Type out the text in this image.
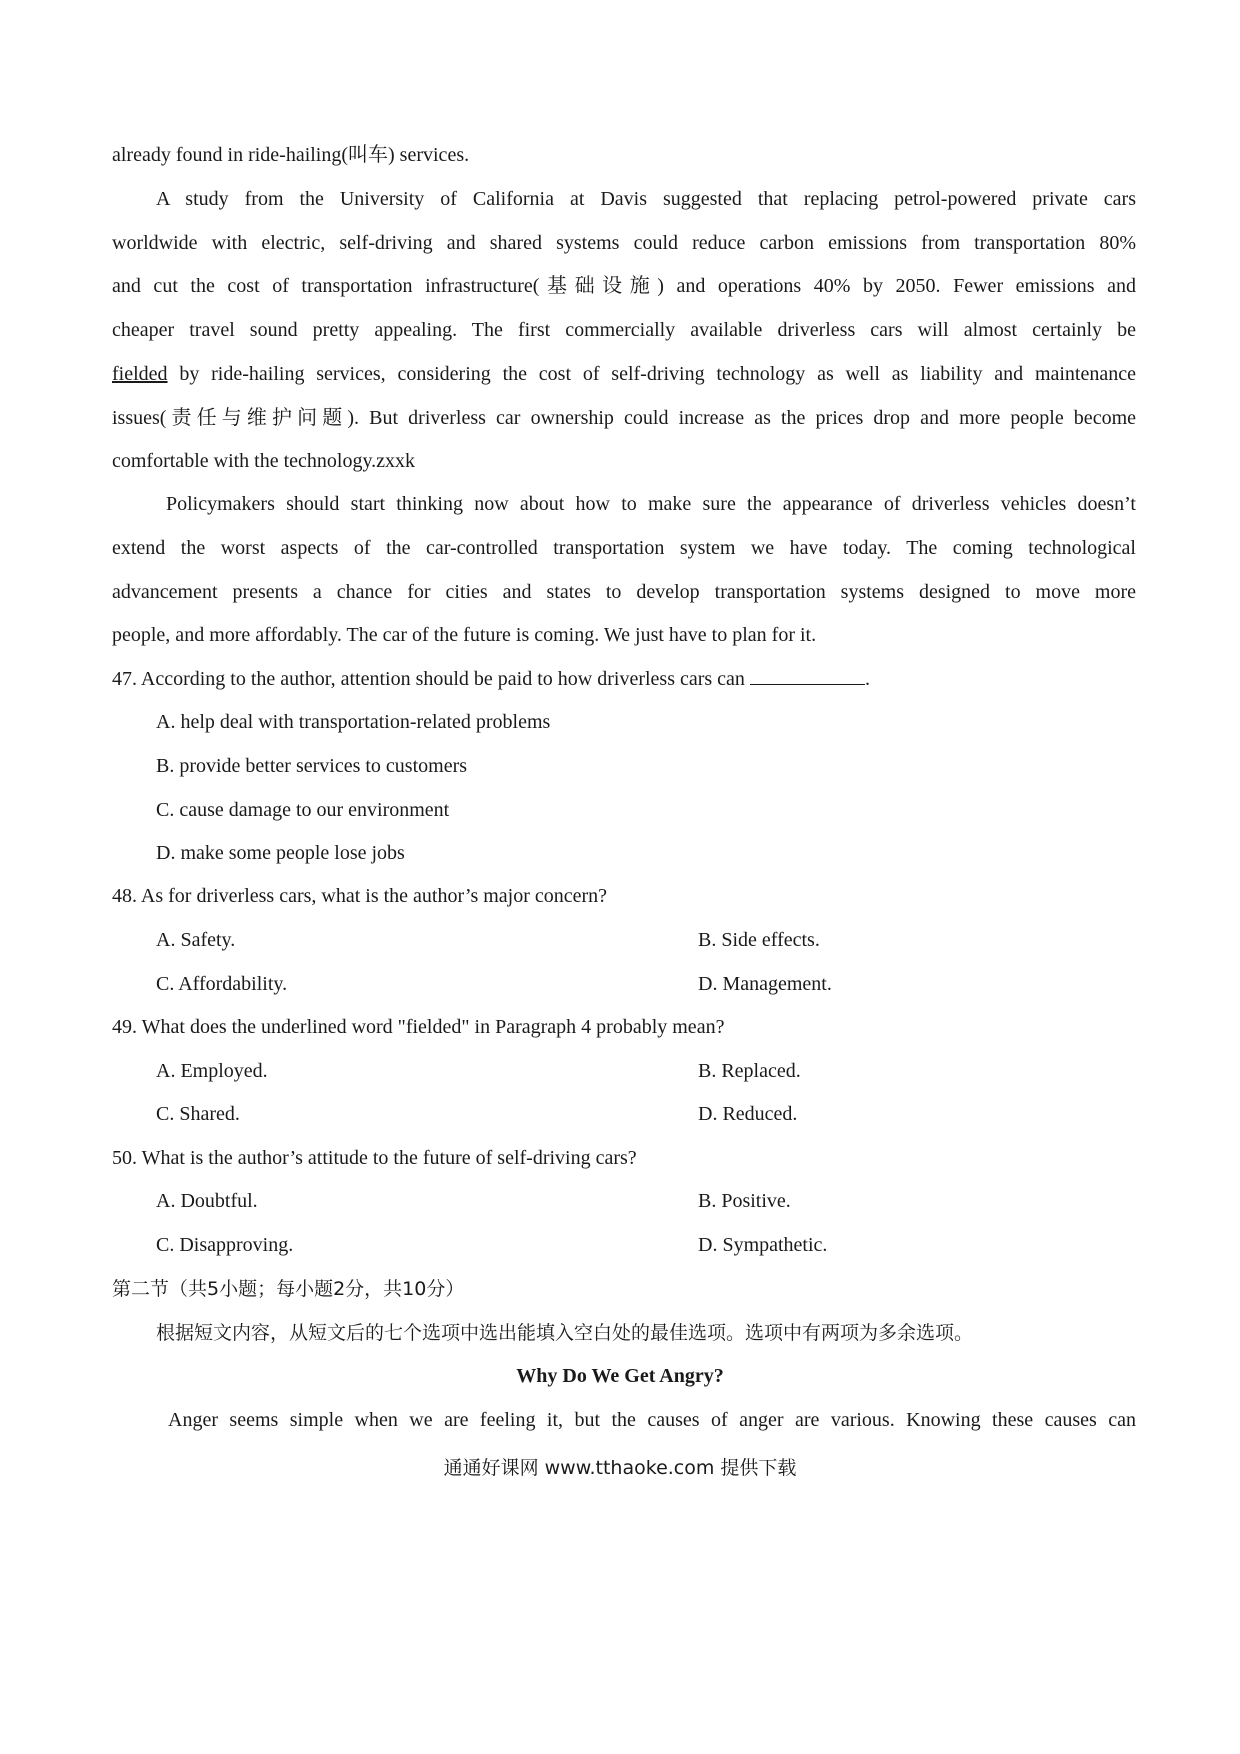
already found in ride-hailing(叫车) services.
A study from the University of California at Davis suggested that replacing petrol-powered private cars
worldwide with electric, self-driving and shared systems could reduce carbon emissions from transportation 80%
and cut the cost of transportation infrastructure(基础设施) and operations 40% by 2050. Fewer emissions and
cheaper travel sound pretty appealing. The first commercially available driverless cars will almost certainly be
fielded by ride-hailing services, considering the cost of self-driving technology as well as liability and maintenance
issues(责任与维护问题). But driverless car ownership could increase as the prices drop and more people become
comfortable with the technology.zxxk
Policymakers should start thinking now about how to make sure the appearance of driverless vehicles doesn’t
extend the worst aspects of the car-controlled transportation system we have today. The coming technological
advancement presents a chance for cities and states to develop transportation systems designed to move more
people, and more affordably. The car of the future is coming. We just have to plan for it.
47. According to the author, attention should be paid to how driverless cars can	.
A. help deal with transportation-related problems
B. provide better services to customers
C. cause damage to our environment
D. make some people lose jobs
48. As for driverless cars, what is the author’s major concern?
A. Safety.	B. Side effects.
C. Affordability.	D. Management.
49. What does the underlined word "fielded" in Paragraph 4 probably mean?
A. Employed.	B. Replaced.
C. Shared.	D. Reduced.
50. What is the author’s attitude to the future of self-driving cars?
A. Doubtful.	B. Positive.
C. Disapproving.	D. Sympathetic.
第二节（共5小题；每小题2分，共10分）
根据短文内容，从短文后的七个选项中选出能填入空白处的最佳选项。选项中有两项为多余选项。
Why Do We Get Angry?
Anger seems simple when we are feeling it, but the causes of anger are various. Knowing these causes can
通通好课网 www.tthaoke.com 提供下载
